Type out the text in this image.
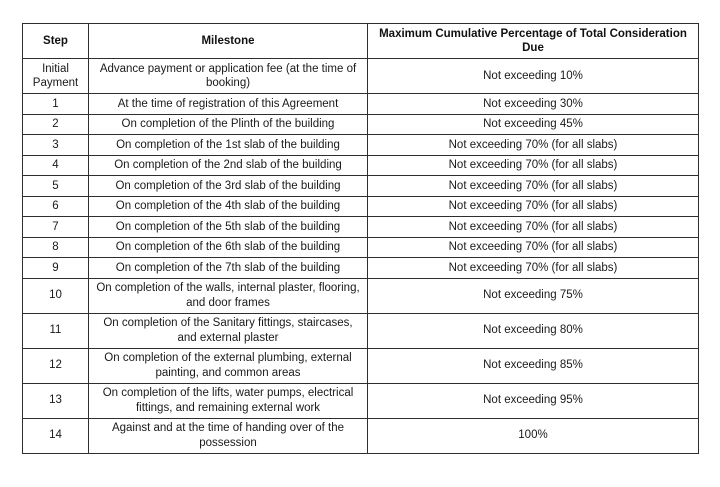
Step	Milestone	Maximum Cumulative Percentage of Total Consideration Due
Initial Payment	Advance payment or application fee (at the time of booking)	Not exceeding 10%
1	At the time of registration of this Agreement	Not exceeding 30%
2	On completion of the Plinth of the building	Not exceeding 45%
3	On completion of the 1st slab of the building	Not exceeding 70% (for all slabs)
4	On completion of the 2nd slab of the building	Not exceeding 70% (for all slabs)
5	On completion of the 3rd slab of the building	Not exceeding 70% (for all slabs)
6	On completion of the 4th slab of the building	Not exceeding 70% (for all slabs)
7	On completion of the 5th slab of the building	Not exceeding 70% (for all slabs)
8	On completion of the 6th slab of the building	Not exceeding 70% (for all slabs)
9	On completion of the 7th slab of the building	Not exceeding 70% (for all slabs)
10	On completion of the walls, internal plaster, flooring, and door frames	Not exceeding 75%
11	On completion of the Sanitary fittings, staircases, and external plaster	Not exceeding 80%
12	On completion of the external plumbing, external painting, and common areas	Not exceeding 85%
13	On completion of the lifts, water pumps, electrical fittings, and remaining external work	Not exceeding 95%
14	Against and at the time of handing over of the possession	100%
